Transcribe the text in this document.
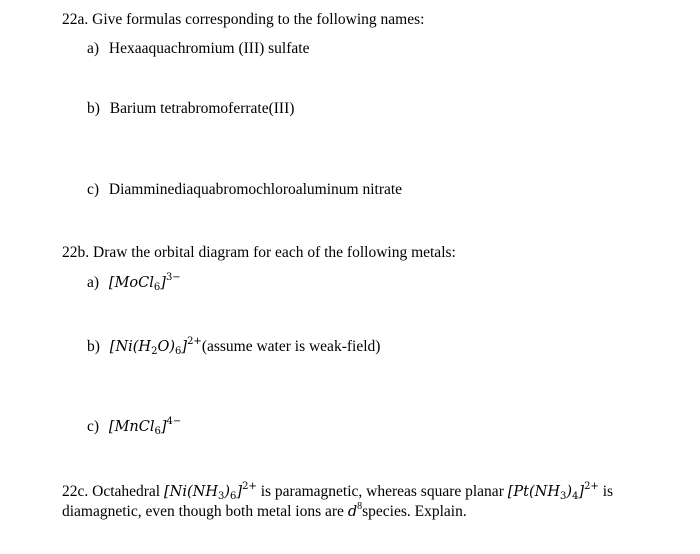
22a. Give formulas corresponding to the following names:
a) Hexaaquachromium (III) sulfate
b) Barium tetrabromoferrate(III)
c) Diamminediaquabromochloroaluminum nitrate
22b. Draw the orbital diagram for each of the following metals:
a) [MoCl$_6$]$^{3-}$
b) $[Ni(H_2O)_6]^{2+}(assume$ water is weak-field)
c) [MnCl$_6$]$^{4-}$
22c. Octahedral $[Ni(NH_3)_6]^{2+}$ is paramagnetic, whereas square planar $[Pt(NH_3)_4]^{2+}$ is
diamagnetic, even though both metal ions are $d^8species$. Explain.
